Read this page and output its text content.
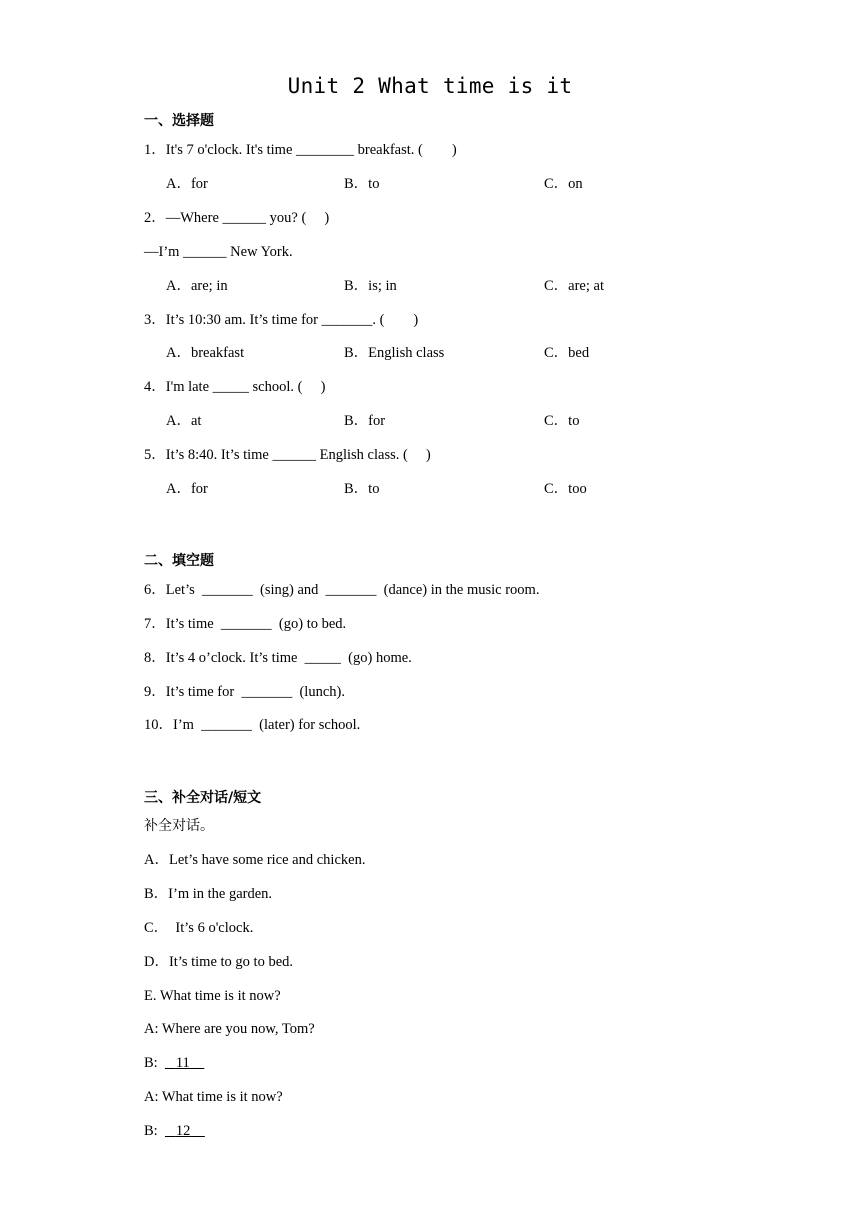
Unit 2 What time is it
一、选择题
1．It's 7 o'clock. It's time ________ breakfast. (　　)
A．for	B．to	C．on
2．—Where ______ you? (　 )
—I’m ______ New York.
A．are; in	B．is; in	C．are; at
3．It’s 10:30 am. It’s time for _______. (　　)
A．breakfast	B．English class	C．bed
4．I'm late _____ school. (　 )
A．at	B．for	C．to
5．It’s 8:40. It’s time ______ English class. (　 )
A．for	B．to	C．too
二、填空题
6．Let’s  _______  (sing) and  _______  (dance) in the music room.
7．It’s time  _______  (go) to bed.
8．It’s 4 o’clock. It’s time  _____  (go) home.
9．It’s time for  _______  (lunch).
10．I’m  _______  (later) for school.
三、补全对话/短文
补全对话。
A．Let’s have some rice and chicken.
B．I’m in the garden.
C．  It’s 6 o'clock.
D．It’s time to go to bed.
E. What time is it now?
A: Where are you now, Tom?
B: 11
A: What time is it now?
B: 12
